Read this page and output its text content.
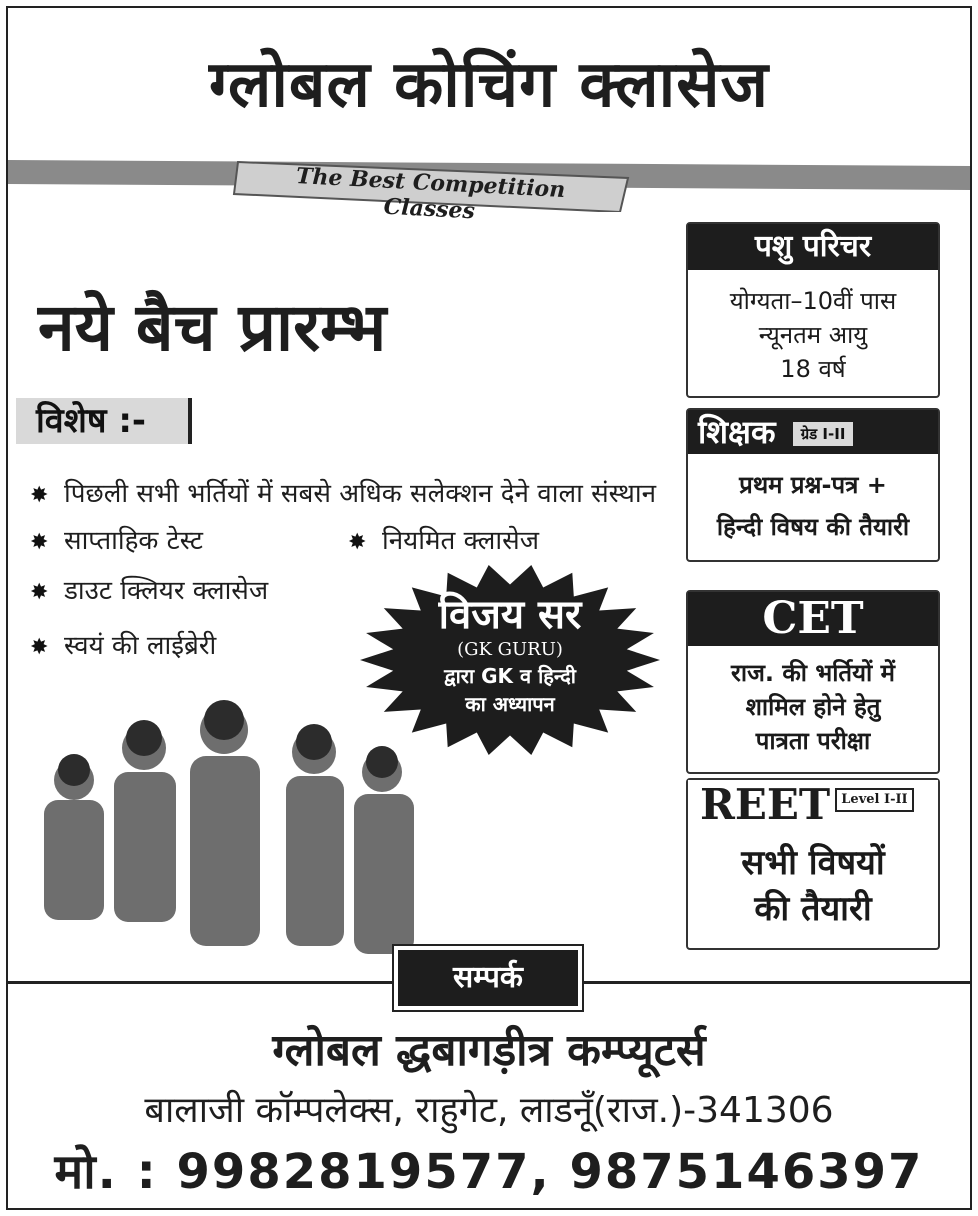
ग्लोबल कोचिंग क्लासेज
The Best Competition Classes
नये बैच प्रारम्भ
विशेष :-
✸ पिछली सभी भर्तियों में सबसे अधिक सलेक्शन देने वाला संस्थान
✸ साप्ताहिक टेस्ट	✸ नियमित क्लासेज
✸ डाउट क्लियर क्लासेज
✸ स्वयं की लाईब्रेरी
विजय सर
(GK GURU)
द्वारा GK व हिन्दी
का अध्यापन
पशु परिचर
योग्यता–10वीं पास
न्यूनतम आयु
18 वर्ष
शिक्षक ग्रेड I-II
प्रथम प्रश्न-पत्र +
हिन्दी विषय की तैयारी
CET
राज. की भर्तियों में
शामिल होने हेतु
पात्रता परीक्षा
REET Level I-II
सभी विषयों
की तैयारी
सम्पर्क
ग्लोबल द्धबागड़ीत्र कम्प्यूटर्स
बालाजी कॉम्पलेक्स, राहुगेट, लाडनूँ(राज.)-341306
मो. : 9982819577, 9875146397
